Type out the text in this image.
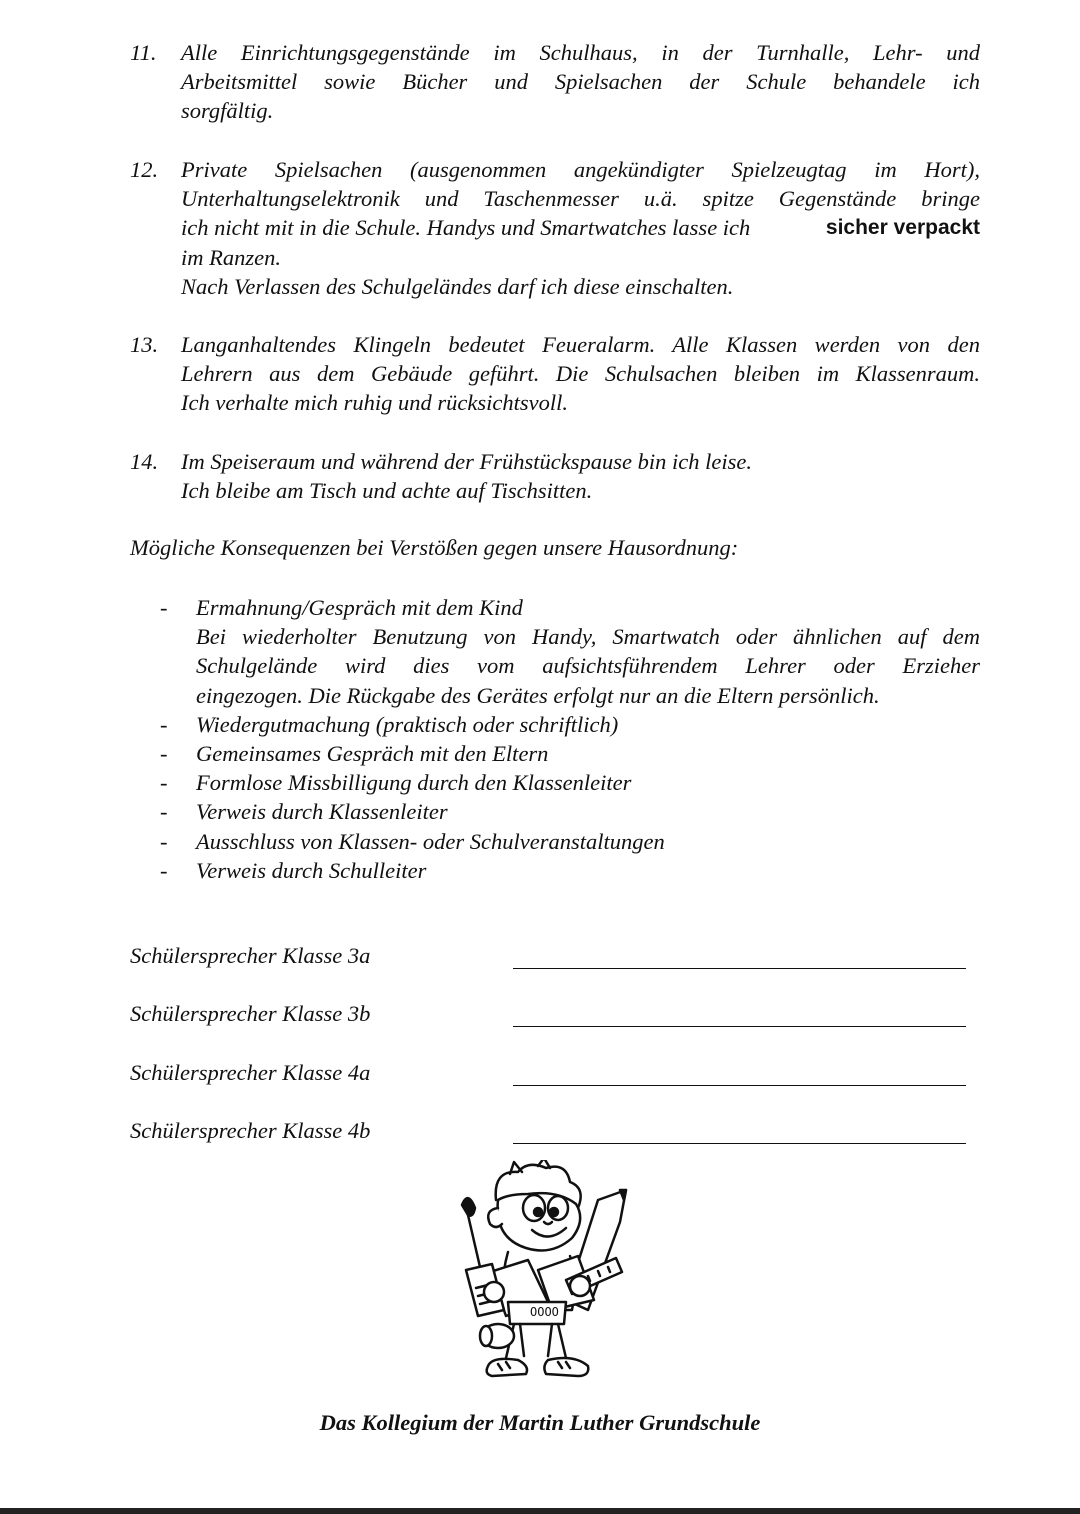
11.	Alle Einrichtungsgegenstände im Schulhaus, in der Turnhalle, Lehr- und
Arbeitsmittel sowie Bücher und Spielsachen der Schule behandele ich
sorgfältig.
12.	Private Spielsachen (ausgenommen angekündigter Spielzeugtag im Hort),
Unterhaltungselektronik und Taschenmesser u.ä. spitze Gegenstände bringe
ich nicht mit in die Schule. Handys und Smartwatches lasse ich	sicher verpackt
im Ranzen.
Nach Verlassen des Schulgeländes darf ich diese einschalten.
13.	Langanhaltendes Klingeln bedeutet Feueralarm. Alle Klassen werden von den
Lehrern aus dem Gebäude geführt. Die Schulsachen bleiben im Klassenraum.
Ich verhalte mich ruhig und rücksichtsvoll.
14.	Im Speiseraum und während der Frühstückspause bin ich leise.
Ich bleibe am Tisch und achte auf Tischsitten.
Mögliche Konsequenzen bei Verstößen gegen unsere Hausordnung:
- Ermahnung/Gespräch mit dem Kind
Bei wiederholter Benutzung von Handy, Smartwatch oder ähnlichen auf dem
Schulgelände wird dies vom aufsichtsführendem Lehrer oder Erzieher
eingezogen. Die Rückgabe des Gerätes erfolgt nur an die Eltern persönlich.
- Wiedergutmachung (praktisch oder schriftlich)
- Gemeinsames Gespräch mit den Eltern
- Formlose Missbilligung durch den Klassenleiter
- Verweis durch Klassenleiter
- Ausschluss von Klassen- oder Schulveranstaltungen
- Verweis durch Schulleiter
Schülersprecher Klasse 3a
Schülersprecher Klasse 3b
Schülersprecher Klasse 4a
Schülersprecher Klasse 4b
OOOO
Das Kollegium der Martin Luther Grundschule
